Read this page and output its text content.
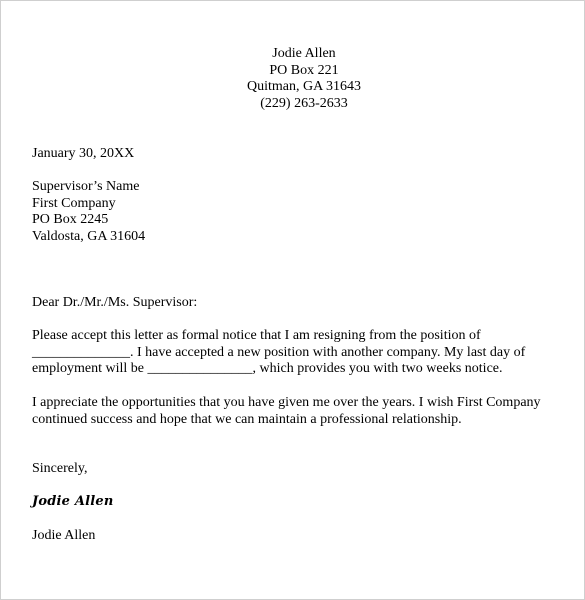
Jodie Allen
PO Box 221
Quitman, GA 31643
(229) 263-2633
January 30, 20XX
Supervisor’s Name
First Company
PO Box 2245
Valdosta, GA 31604
Dear Dr./Mr./Ms. Supervisor:
Please accept this letter as formal notice that I am resigning from the position of
______________. I have accepted a new position with another company. My last day of
employment will be _______________, which provides you with two weeks notice.
I appreciate the opportunities that you have given me over the years. I wish First Company
continued success and hope that we can maintain a professional relationship.
Sincerely,
Jodie Allen
Jodie Allen
